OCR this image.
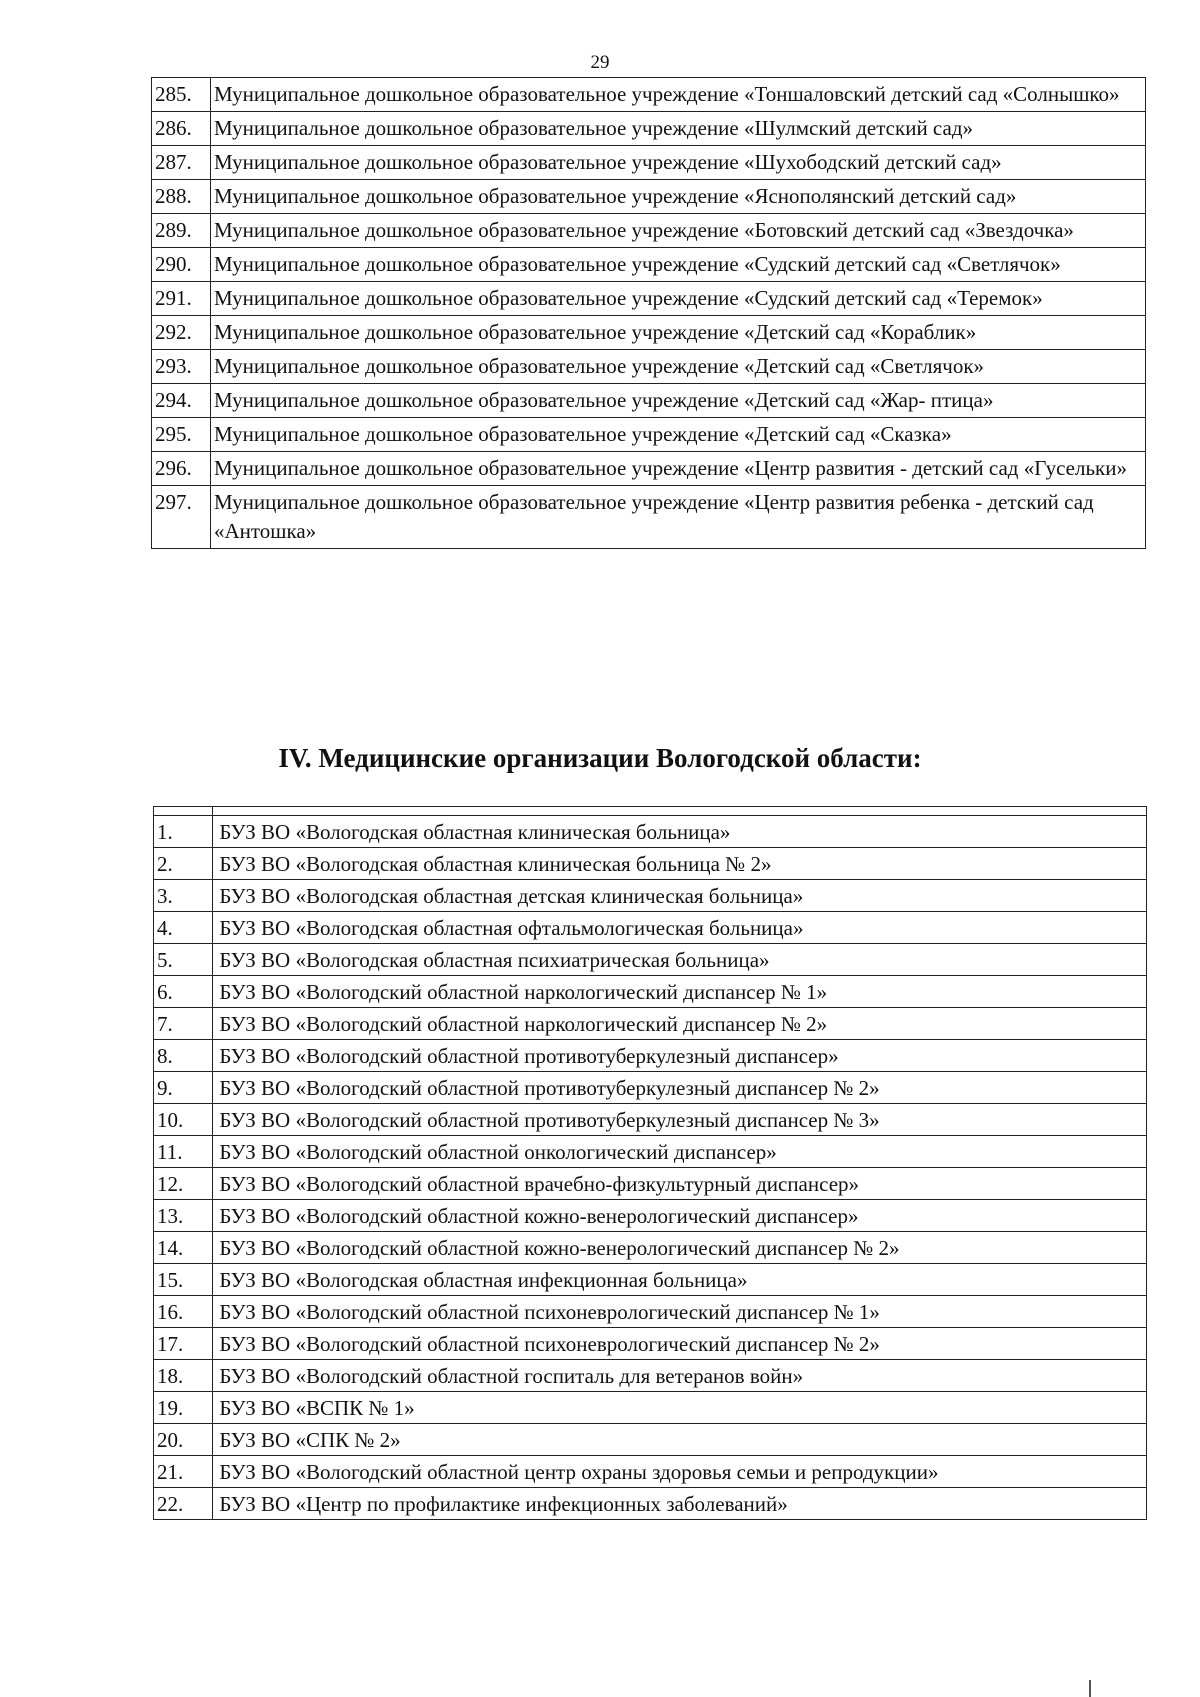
29
285.	Муниципальное дошкольное образовательное учреждение «Тоншаловский детский сад «Солнышко»
286.	Муниципальное дошкольное образовательное учреждение «Шулмский детский сад»
287.	Муниципальное дошкольное образовательное учреждение «Шухободский детский сад»
288.	Муниципальное дошкольное образовательное учреждение «Яснополянский детский сад»
289.	Муниципальное дошкольное образовательное учреждение «Ботовский детский сад «Звездочка»
290.	Муниципальное дошкольное образовательное учреждение «Судский детский сад «Светлячок»
291.	Муниципальное дошкольное образовательное учреждение «Судский детский сад «Теремок»
292.	Муниципальное дошкольное образовательное учреждение «Детский сад «Кораблик»
293.	Муниципальное дошкольное образовательное учреждение «Детский сад «Светлячок»
294.	Муниципальное дошкольное образовательное учреждение «Детский сад «Жар- птица»
295.	Муниципальное дошкольное образовательное учреждение «Детский сад «Сказка»
296.	Муниципальное дошкольное образовательное учреждение «Центр развития - детский сад «Гусельки»
297.	Муниципальное дошкольное образовательное учреждение «Центр развития ребенка - детский сад «Антошка»
IV. Медицинские организации Вологодской области:

1.	БУЗ ВО «Вологодская областная клиническая больница»
2.	БУЗ ВО «Вологодская областная клиническая больница № 2»
3.	БУЗ ВО «Вологодская областная детская клиническая больница»
4.	БУЗ ВО «Вологодская областная офтальмологическая больница»
5.	БУЗ ВО «Вологодская областная психиатрическая больница»
6.	БУЗ ВО «Вологодский областной наркологический диспансер № 1»
7.	БУЗ ВО «Вологодский областной наркологический диспансер № 2»
8.	БУЗ ВО «Вологодский областной противотуберкулезный диспансер»
9.	БУЗ ВО «Вологодский областной противотуберкулезный диспансер № 2»
10.	БУЗ ВО «Вологодский областной противотуберкулезный диспансер № 3»
11.	БУЗ ВО «Вологодский областной онкологический диспансер»
12.	БУЗ ВО «Вологодский областной врачебно-физкультурный диспансер»
13.	БУЗ ВО «Вологодский областной кожно-венерологический диспансер»
14.	БУЗ ВО «Вологодский областной кожно-венерологический диспансер № 2»
15.	БУЗ ВО «Вологодская областная инфекционная больница»
16.	БУЗ ВО «Вологодский областной психоневрологический диспансер № 1»
17.	БУЗ ВО «Вологодский областной психоневрологический диспансер № 2»
18.	БУЗ ВО «Вологодский областной госпиталь для ветеранов войн»
19.	БУЗ ВО «ВСПК № 1»
20.	БУЗ ВО «СПК № 2»
21.	БУЗ ВО «Вологодский областной центр охраны здоровья семьи и репродукции»
22.	БУЗ ВО «Центр по профилактике инфекционных заболеваний»
